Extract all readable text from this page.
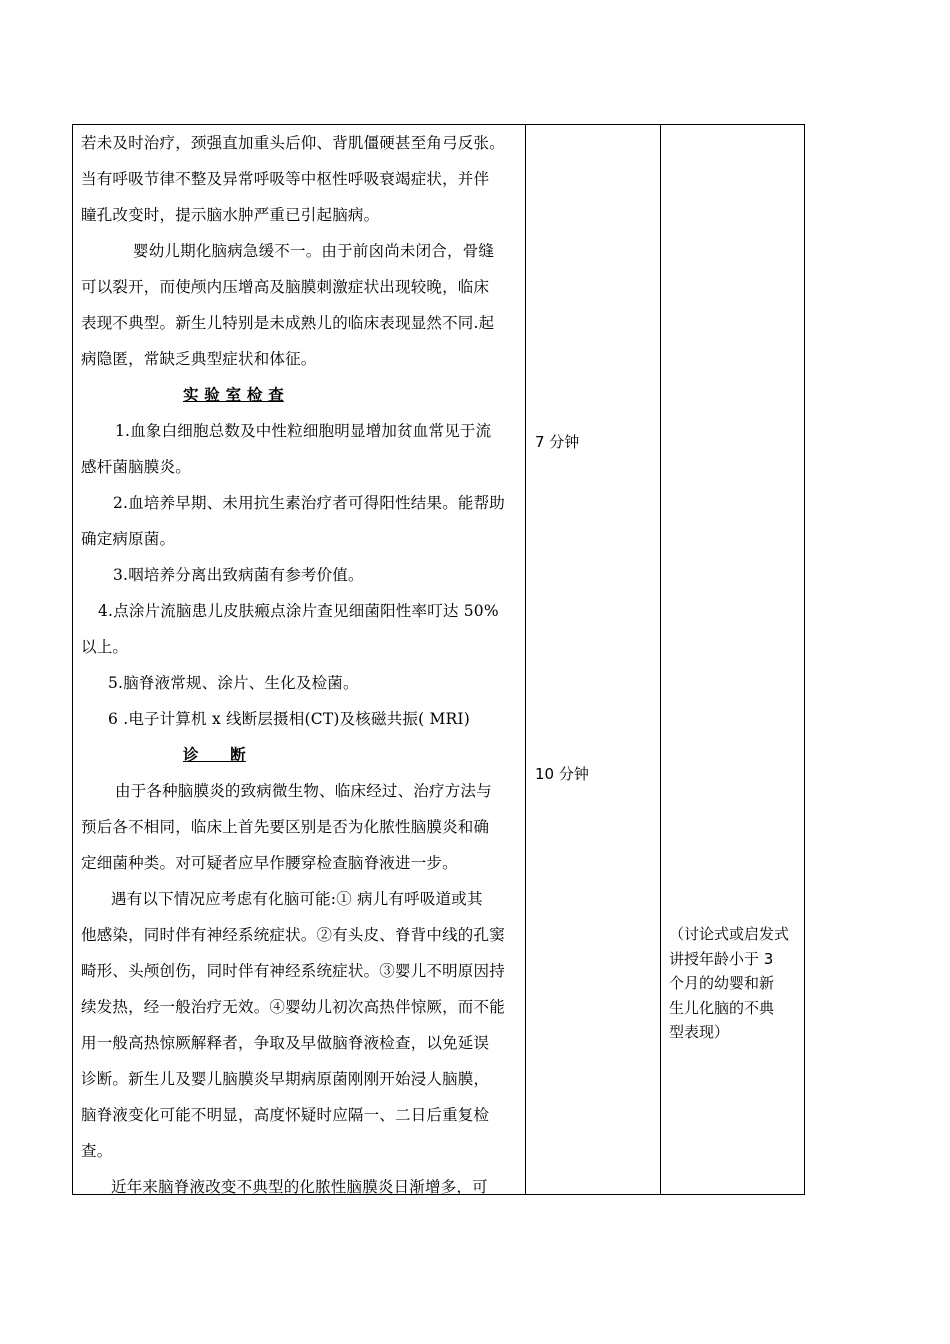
若未及时治疗，颈强直加重头后仰、背肌僵硬甚至角弓反张。

当有呼吸节律不整及异常呼吸等中枢性呼吸衰竭症状，并伴

瞳孔改变时，提示脑水肿严重已引起脑病。

婴幼儿期化脑病急缓不一。由于前囟尚未闭合，骨缝

可以裂开，而使颅内压增高及脑膜刺激症状出现较晚，临床

表现不典型。新生儿特别是未成熟儿的临床表现显然不同.起

病隐匿，常缺乏典型症状和体征。

实 验 室 检 查

1.血象白细胞总数及中性粒细胞明显增加贫血常见于流

感杆菌脑膜炎。

2.血培养早期、未用抗生素治疗者可得阳性结果。能帮助

确定病原菌。

3.咽培养分离出致病菌有参考价值。

4.点涂片流脑患儿皮肤瘢点涂片查见细菌阳性率叮达 50%

以上。

5.脑脊液常规、涂片、生化及检菌。

6 .电子计算机 x 线断层摄相(CT)及核磁共振( MRI)

诊　　断

由于各种脑膜炎的致病微生物、临床经过、治疗方法与

预后各不相同，临床上首先要区别是否为化脓性脑膜炎和确

定细菌种类。对可疑者应早作腰穿检查脑脊液进一步。

遇有以下情况应考虑有化脑可能:① 病儿有呼吸道或其

他感染，同时伴有神经系统症状。②有头皮、脊背中线的孔窦

畸形、头颅创伤，同时伴有神经系统症状。③婴儿不明原因持

续发热，经一般治疗无效。④婴幼儿初次高热伴惊厥，而不能

用一般高热惊厥解释者，争取及早做脑脊液检查，以免延误

诊断。新生儿及婴儿脑膜炎早期病原菌刚刚开始浸人脑膜，

脑脊液变化可能不明显，高度怀疑时应隔一、二日后重复检

查。

近年来脑脊液改变不典型的化脓性脑膜炎日渐增多，可

7 分钟
10 分钟

（讨论式或启发式

讲授年龄小于 3

个月的幼婴和新

生儿化脑的不典

型表现）
